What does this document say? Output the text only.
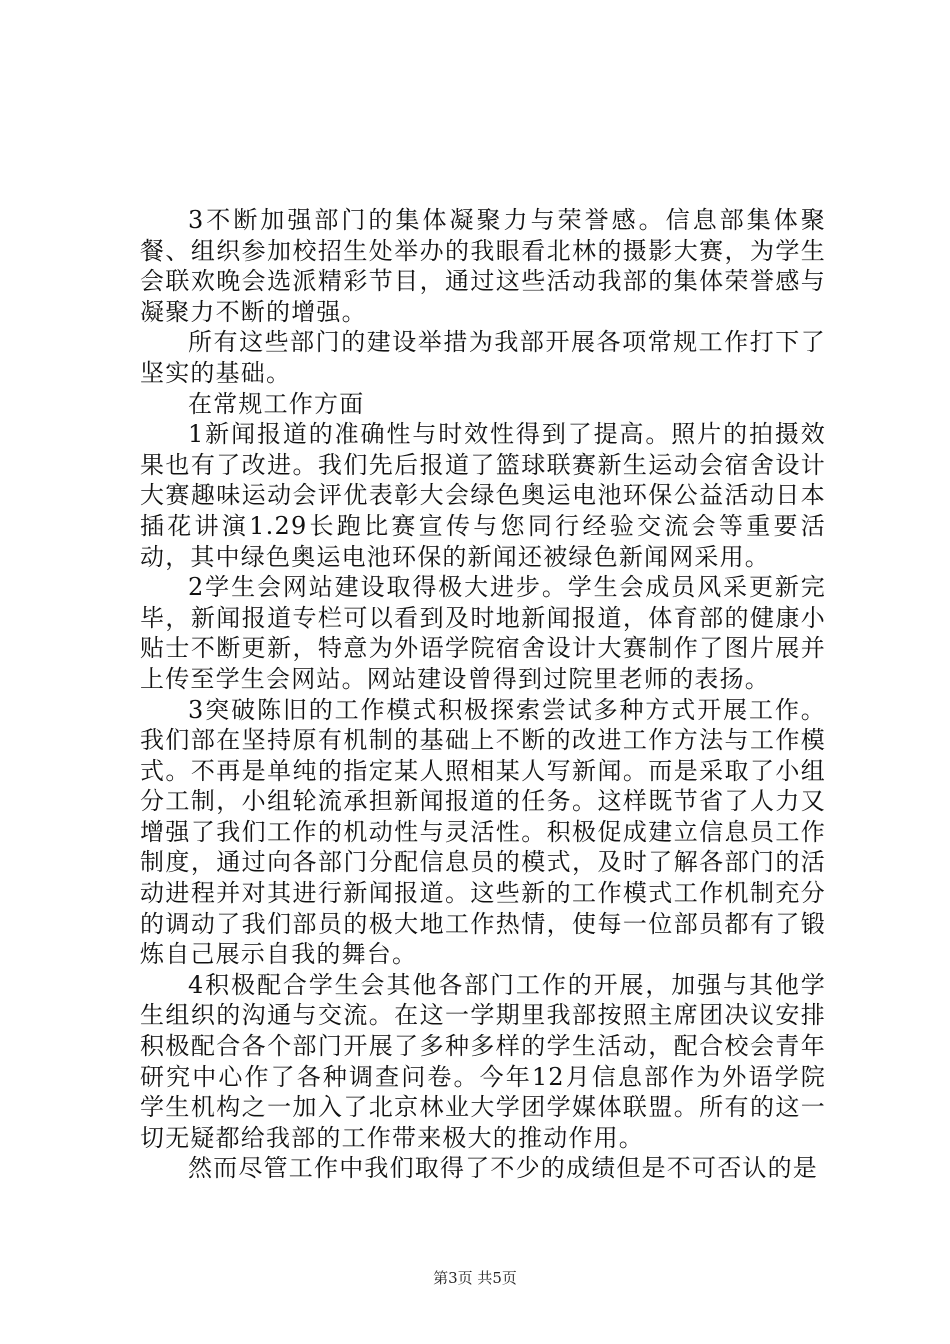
3不断加强部门的集体凝聚力与荣誉感。信息部集体聚餐、组织参加校招生处举办的我眼看北林的摄影大赛，为学生会联欢晚会选派精彩节目，通过这些活动我部的集体荣誉感与凝聚力不断的增强。

所有这些部门的建设举措为我部开展各项常规工作打下了坚实的基础。

在常规工作方面

1新闻报道的准确性与时效性得到了提高。照片的拍摄效果也有了改进。我们先后报道了篮球联赛新生运动会宿舍设计大赛趣味运动会评优表彰大会绿色奥运电池环保公益活动日本插花讲演1.29长跑比赛宣传与您同行经验交流会等重要活动，其中绿色奥运电池环保的新闻还被绿色新闻网采用。

2学生会网站建设取得极大进步。学生会成员风采更新完毕，新闻报道专栏可以看到及时地新闻报道，体育部的健康小贴士不断更新，特意为外语学院宿舍设计大赛制作了图片展并上传至学生会网站。网站建设曾得到过院里老师的表扬。

3突破陈旧的工作模式积极探索尝试多种方式开展工作。我们部在坚持原有机制的基础上不断的改进工作方法与工作模式。不再是单纯的指定某人照相某人写新闻。而是采取了小组分工制，小组轮流承担新闻报道的任务。这样既节省了人力又增强了我们工作的机动性与灵活性。积极促成建立信息员工作制度，通过向各部门分配信息员的模式，及时了解各部门的活动进程并对其进行新闻报道。这些新的工作模式工作机制充分的调动了我们部员的极大地工作热情，使每一位部员都有了锻炼自己展示自我的舞台。

4积极配合学生会其他各部门工作的开展，加强与其他学生组织的沟通与交流。在这一学期里我部按照主席团决议安排积极配合各个部门开展了多种多样的学生活动，配合校会青年研究中心作了各种调查问卷。今年12月信息部作为外语学院学生机构之一加入了北京林业大学团学媒体联盟。所有的这一切无疑都给我部的工作带来极大的推动作用。

然而尽管工作中我们取得了不少的成绩但是不可否认的是

第3页 共5页
